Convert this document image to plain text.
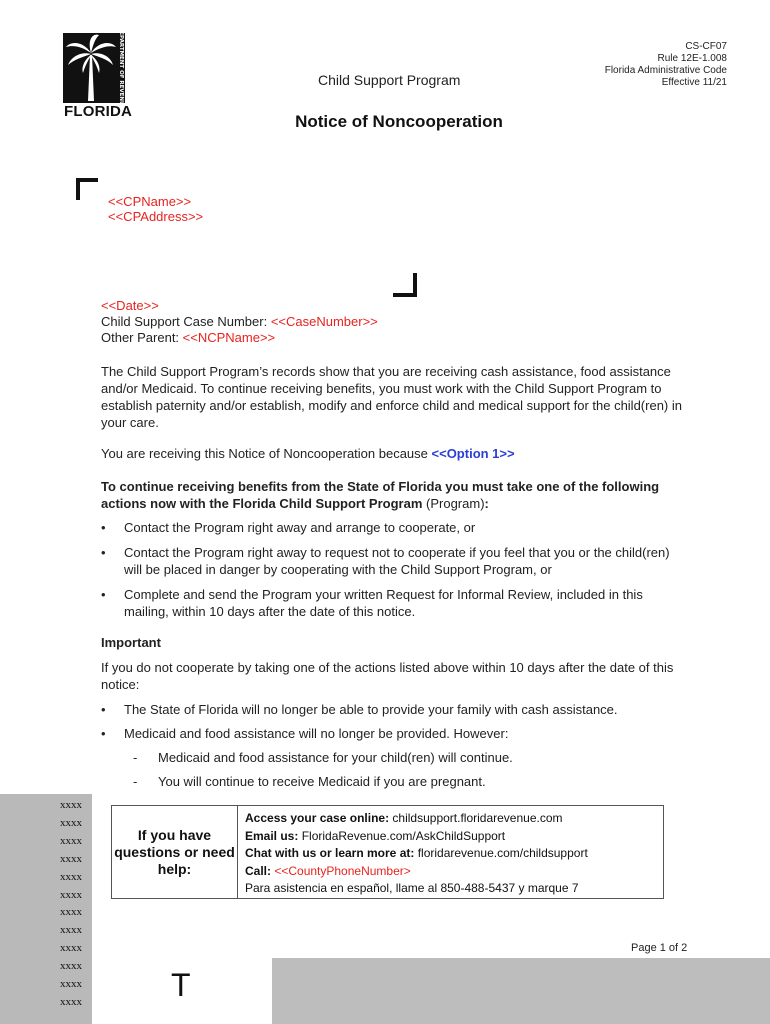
DEPARTMENT OF REVENUE
FLORIDA
Child Support Program
CS-CF07
Rule 12E-1.008
Florida Administrative Code
Effective 11/21
Notice of Noncooperation
<<CPName>>
<<CPAddress>>
<<Date>>
Child Support Case Number: <<CaseNumber>>
Other Parent: <<NCPName>>
The Child Support Program’s records show that you are receiving cash assistance, food assistance and/or Medicaid. To continue receiving benefits, you must work with the Child Support Program to establish paternity and/or establish, modify and enforce child and medical support for the child(ren) in your care.
You are receiving this Notice of Noncooperation because <<Option 1>>
To continue receiving benefits from the State of Florida you must take one of the following actions now with the Florida Child Support Program (Program):
• Contact the Program right away and arrange to cooperate, or
• Contact the Program right away to request not to cooperate if you feel that you or the child(ren) will be placed in danger by cooperating with the Child Support Program, or
• Complete and send the Program your written Request for Informal Review, included in this mailing, within 10 days after the date of this notice.
Important
If you do not cooperate by taking one of the actions listed above within 10 days after the date of this notice:
• The State of Florida will no longer be able to provide your family with cash assistance.
• Medicaid and food assistance will no longer be provided. However:
- Medicaid and food assistance for your child(ren) will continue.
- You will continue to receive Medicaid if you are pregnant.
xxxx
xxxx
xxxx
xxxx
xxxx
xxxx
xxxx
xxxx
xxxx
xxxx
xxxx
xxxx
If you have questions or need help:
Access your case online: childsupport.floridarevenue.com
Email us: FloridaRevenue.com/AskChildSupport
Chat with us or learn more at: floridarevenue.com/childsupport
Call: <<CountyPhoneNumber>
Para asistencia en español, llame al 850-488-5437 y marque 7
Page 1 of 2
T
